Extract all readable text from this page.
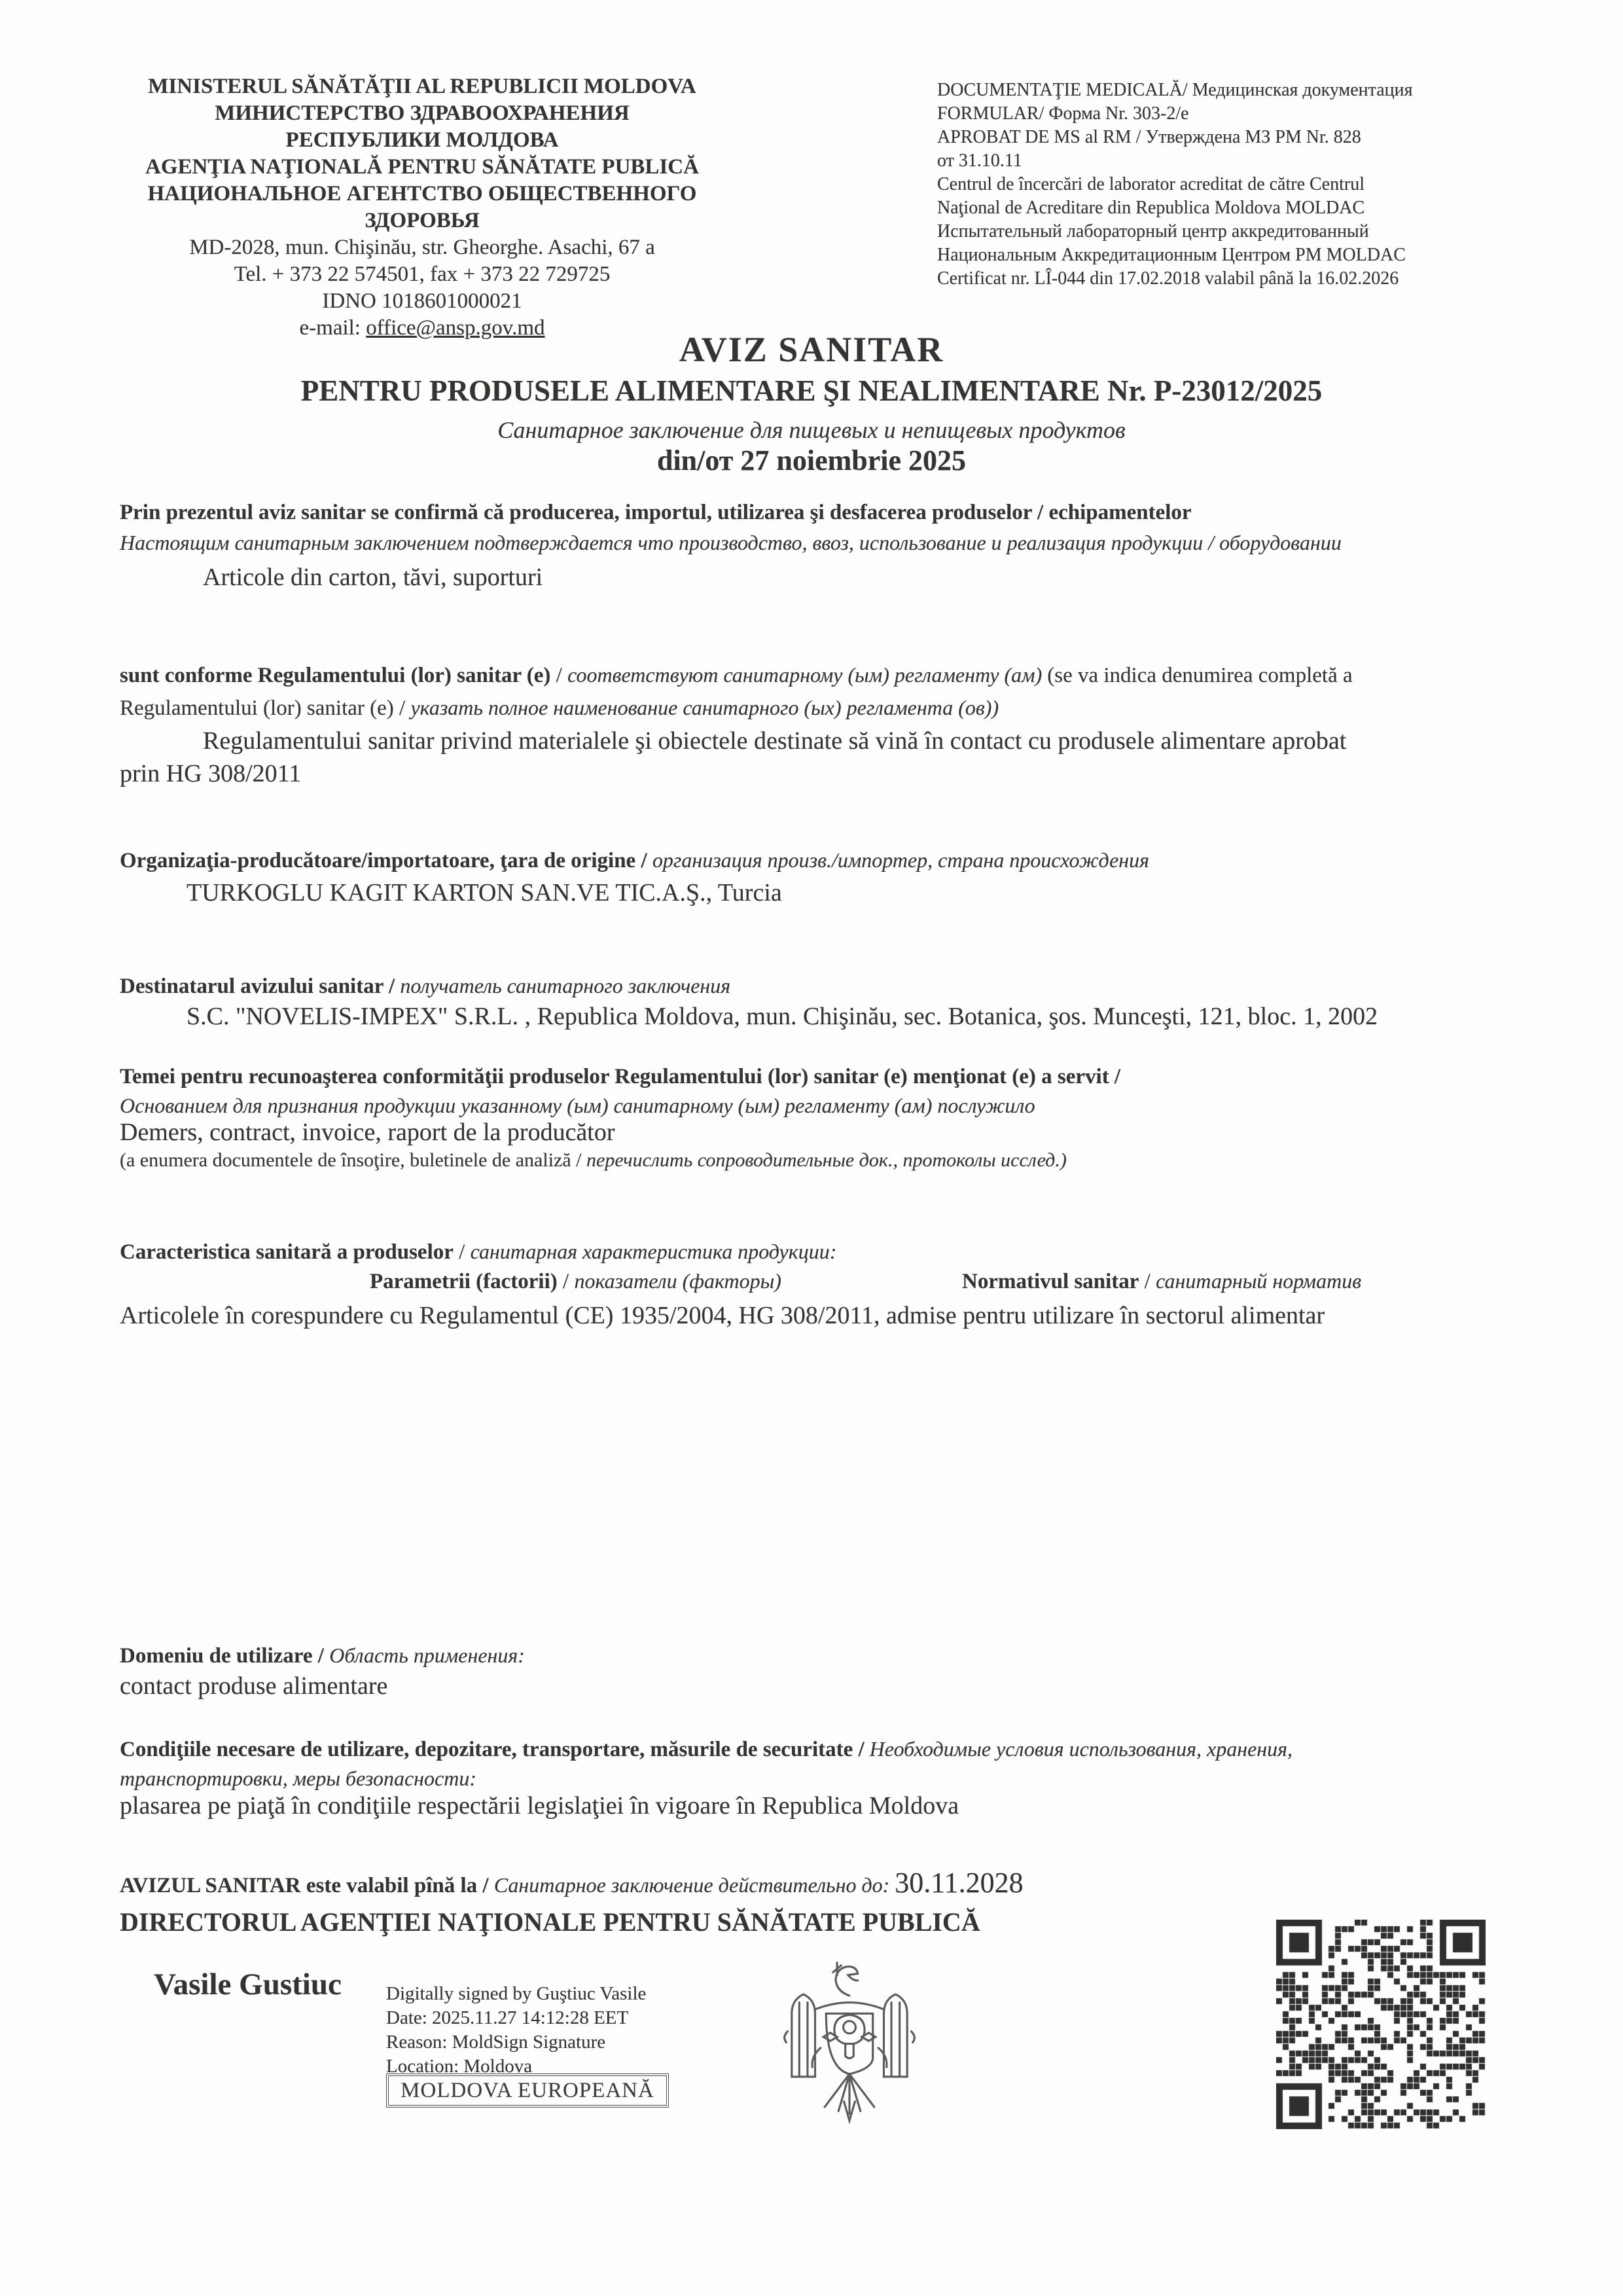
MINISTERUL SĂNĂTĂŢII AL REPUBLICII MOLDOVA
МИНИСТЕРСТВО ЗДРАВООХРАНЕНИЯ
РЕСПУБЛИКИ МОЛДОВА
AGENŢIA NAŢIONALĂ PENTRU SĂNĂTATE PUBLICĂ
НАЦИОНАЛЬНОЕ АГЕНТСТВО ОБЩЕСТВЕННОГО
ЗДОРОВЬЯ
MD-2028, mun. Chişinău, str. Gheorghe. Asachi, 67 a
Tel. + 373 22 574501, fax + 373 22 729725
IDNO 1018601000021
e-mail: office@ansp.gov.md
DOCUMENTAŢIE MEDICALĂ/ Медицинская документация
FORMULAR/ Форма Nr. 303-2/e
APROBAT DE MS al RM / Утверждена МЗ РМ Nr. 828
от 31.10.11
Centrul de încercări de laborator acreditat de către Centrul
Naţional de Acreditare din Republica Moldova MOLDAC
Испытательный лабораторный центр аккредитованный
Национальным Аккредитационным Центром РМ MOLDAC
Certificat nr. LÎ-044 din 17.02.2018 valabil până la 16.02.2026
AVIZ SANITAR
PENTRU PRODUSELE ALIMENTARE ŞI NEALIMENTARE Nr. P-23012/2025
Санитарное заключение для пищевых и непищевых продуктов
din/от 27 noiembrie 2025
Prin prezentul aviz sanitar se confirmă că producerea, importul, utilizarea şi desfacerea produselor / echipamentelor
Настоящим санитарным заключением подтверждается что производство, ввоз, использование и реализация продукции / оборудовании
Articole din carton, tăvi, suporturi
sunt conforme Regulamentului (lor) sanitar (e) / соответствуют санитарному (ым) регламенту (ам) (se va indica denumirea completă a
Regulamentului (lor) sanitar (e) / указать полное наименование санитарного (ых) регламента (ов))
Regulamentului sanitar privind materialele şi obiectele destinate să vină în contact cu produsele alimentare aprobat
prin HG 308/2011
Organizaţia-producătoare/importatoare, ţara de origine / организация произв./импортер, страна происхождения
TURKOGLU KAGIT KARTON SAN.VE TIC.A.Ş., Turcia
Destinatarul avizului sanitar / получатель санитарного заключения
S.C. "NOVELIS-IMPEX" S.R.L. , Republica Moldova, mun. Chişinău, sec. Botanica, şos. Munceşti, 121, bloc. 1, 2002
Temei pentru recunoaşterea conformităţii produselor Regulamentului (lor) sanitar (e) menţionat (e) a servit /
Основанием для признания продукции указанному (ым) санитарному (ым) регламенту (ам) послужило
Demers, contract, invoice, raport de la producător
(a enumera documentele de însoţire, buletinele de analiză / перечислить сопроводительные док., протоколы исслед.)
Caracteristica sanitară a produselor / санитарная характеристика продукции:
Parametrii (factorii) / показатели (факторы)	Normativul sanitar / санитарный норматив
Articolele în corespundere cu Regulamentul (CE) 1935/2004, HG 308/2011, admise pentru utilizare în sectorul alimentar
Domeniu de utilizare / Область применения:
contact produse alimentare
Condiţiile necesare de utilizare, depozitare, transportare, măsurile de securitate / Необходимые условия использования, хранения,
транспортировки, меры безопасности:
plasarea pe piaţă în condiţiile respectării legislaţiei în vigoare în Republica Moldova
AVIZUL SANITAR este valabil pînă la / Санитарное заключение действительно до: 30.11.2028
DIRECTORUL AGENŢIEI NAŢIONALE PENTRU SĂNĂTATE PUBLICĂ
Vasile Gustiuc Digitally signed by Guştiuc Vasile
Date: 2025.11.27 14:12:28 EET
Reason: MoldSign Signature
Location: Moldova
MOLDOVA EUROPEANĂ
